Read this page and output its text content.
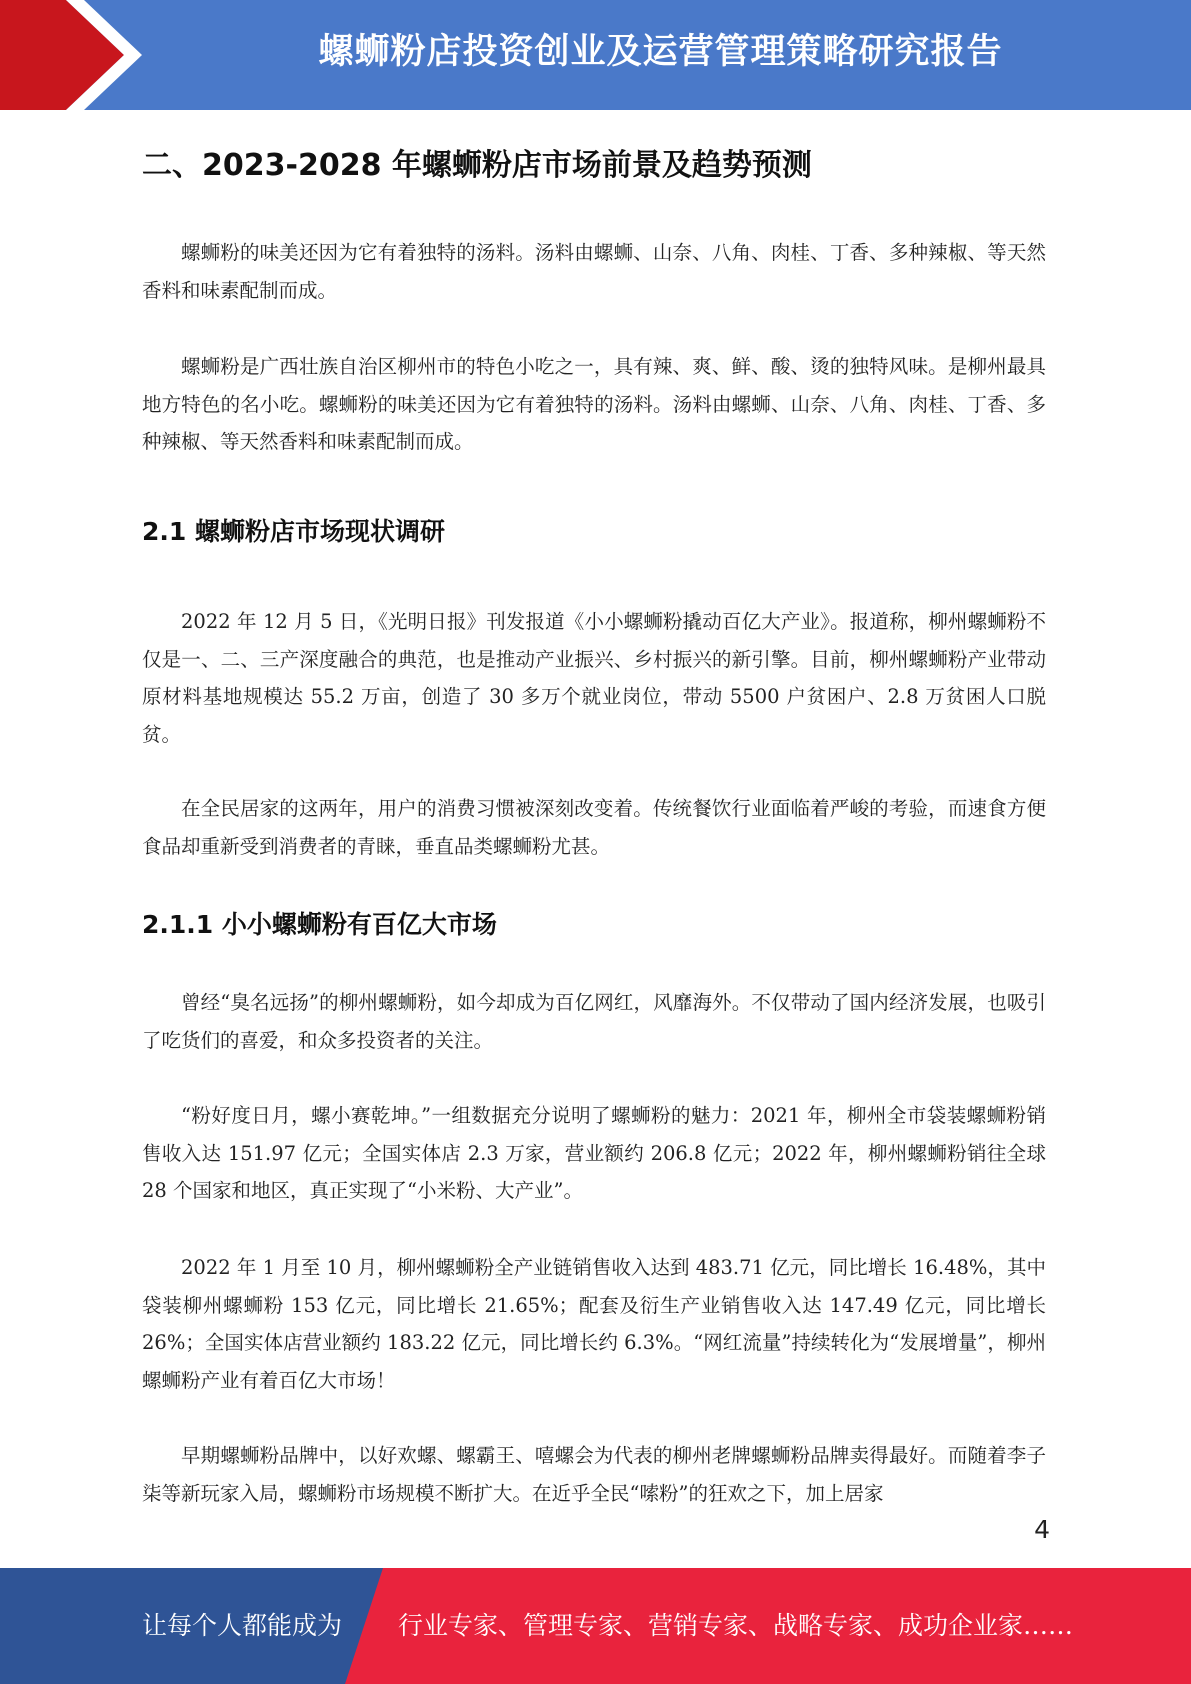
螺蛳粉店投资创业及运营管理策略研究报告
二、2023-2028 年螺蛳粉店市场前景及趋势预测

螺蛳粉的味美还因为它有着独特的汤料。汤料由螺蛳、山奈、八角、肉桂、丁香、多种辣椒、等天然香料和味素配制而成。

螺蛳粉是广西壮族自治区柳州市的特色小吃之一，具有辣、爽、鲜、酸、烫的独特风味。是柳州最具地方特色的名小吃。螺蛳粉的味美还因为它有着独特的汤料。汤料由螺蛳、山奈、八角、肉桂、丁香、多种辣椒、等天然香料和味素配制而成。

2.1 螺蛳粉店市场现状调研

2022 年 12 月 5 日，《光明日报》刊发报道《小小螺蛳粉撬动百亿大产业》。报道称，柳州螺蛳粉不仅是一、二、三产深度融合的典范，也是推动产业振兴、乡村振兴的新引擎。目前，柳州螺蛳粉产业带动原材料基地规模达 55.2 万亩，创造了 30 多万个就业岗位，带动 5500 户贫困户、2.8 万贫困人口脱贫。

在全民居家的这两年，用户的消费习惯被深刻改变着。传统餐饮行业面临着严峻的考验，而速食方便食品却重新受到消费者的青睐，垂直品类螺蛳粉尤甚。

2.1.1 小小螺蛳粉有百亿大市场

曾经“臭名远扬”的柳州螺蛳粉，如今却成为百亿网红，风靡海外。不仅带动了国内经济发展，也吸引了吃货们的喜爱，和众多投资者的关注。

“粉好度日月，螺小赛乾坤。”一组数据充分说明了螺蛳粉的魅力：2021 年，柳州全市袋装螺蛳粉销售收入达 151.97 亿元；全国实体店 2.3 万家，营业额约 206.8 亿元；2022 年，柳州螺蛳粉销往全球 28 个国家和地区，真正实现了“小米粉、大产业”。

2022 年 1 月至 10 月，柳州螺蛳粉全产业链销售收入达到 483.71 亿元，同比增长 16.48%，其中袋装柳州螺蛳粉 153 亿元，同比增长 21.65%；配套及衍生产业销售收入达 147.49 亿元，同比增长 26%；全国实体店营业额约 183.22 亿元，同比增长约 6.3%。“网红流量”持续转化为“发展增量”，柳州螺蛳粉产业有着百亿大市场！

早期螺蛳粉品牌中，以好欢螺、螺霸王、嘻螺会为代表的柳州老牌螺蛳粉品牌卖得最好。而随着李子柒等新玩家入局，螺蛳粉市场规模不断扩大。在近乎全民“嗦粉”的狂欢之下，加上居家

4
让每个人都能成为 行业专家、管理专家、营销专家、战略专家、成功企业家……
